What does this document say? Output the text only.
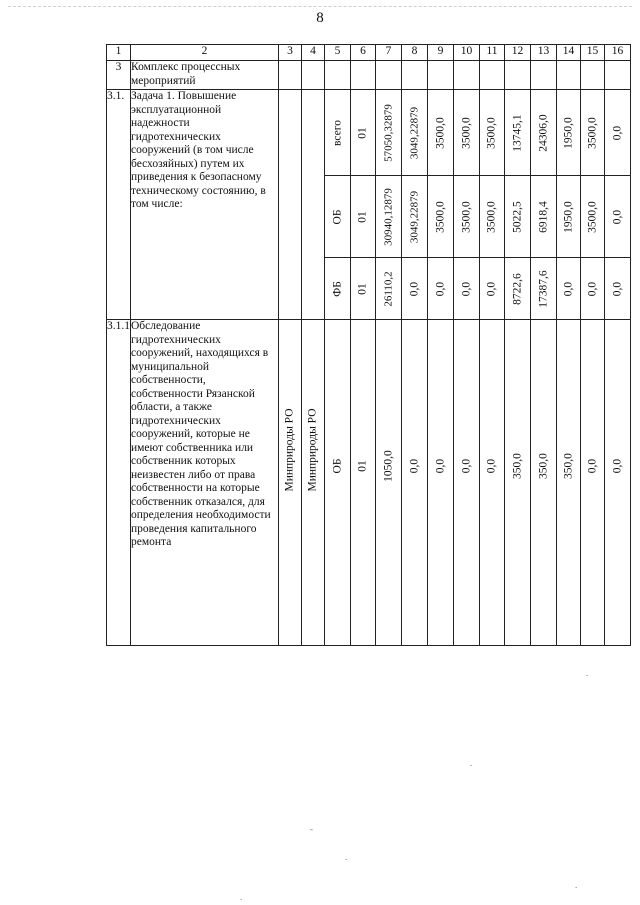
8
1	2	3	4	5	6	7	8	9	10	11	12	13	14	15	16
3	Комплекс процессных мероприятий														
3.1.	Задача 1. Повышение эксплуатационной надежности гидротехнических сооружений (в том числе бесхозяйных) путем их приведения к безопасному техническому состоянию, в том числе:			всего	01	57050,32879	3049,22879	3500,0	3500,0	3500,0	13745,1	24306,0	1950,0	3500,0	0,0

				ОБ	01	30940,12879	3049,22879	3500,0	3500,0	3500,0	5022,5	6918,4	1950,0	3500,0	0,0

				ФБ	01	26110,2	0,0	0,0	0,0	0,0	8722,6	17387,6	0,0	0,0	0,0

3.1.1	Обследование гидротехнических сооружений, находящихся в муниципальной собственности, собственности Рязанской области, а также гидротехнических сооружений, которые не имеют собственника или собственник которых неизвестен либо от права собственности на которые собственник отказался, для определения необходимости проведения капитального ремонта	Минприроды РО	Минприроды РО	ОБ	01	1050,0	0,0	0,0	0,0	0,0	350,0	350,0	350,0	0,0	0,0
.
.
-
.
.
.
